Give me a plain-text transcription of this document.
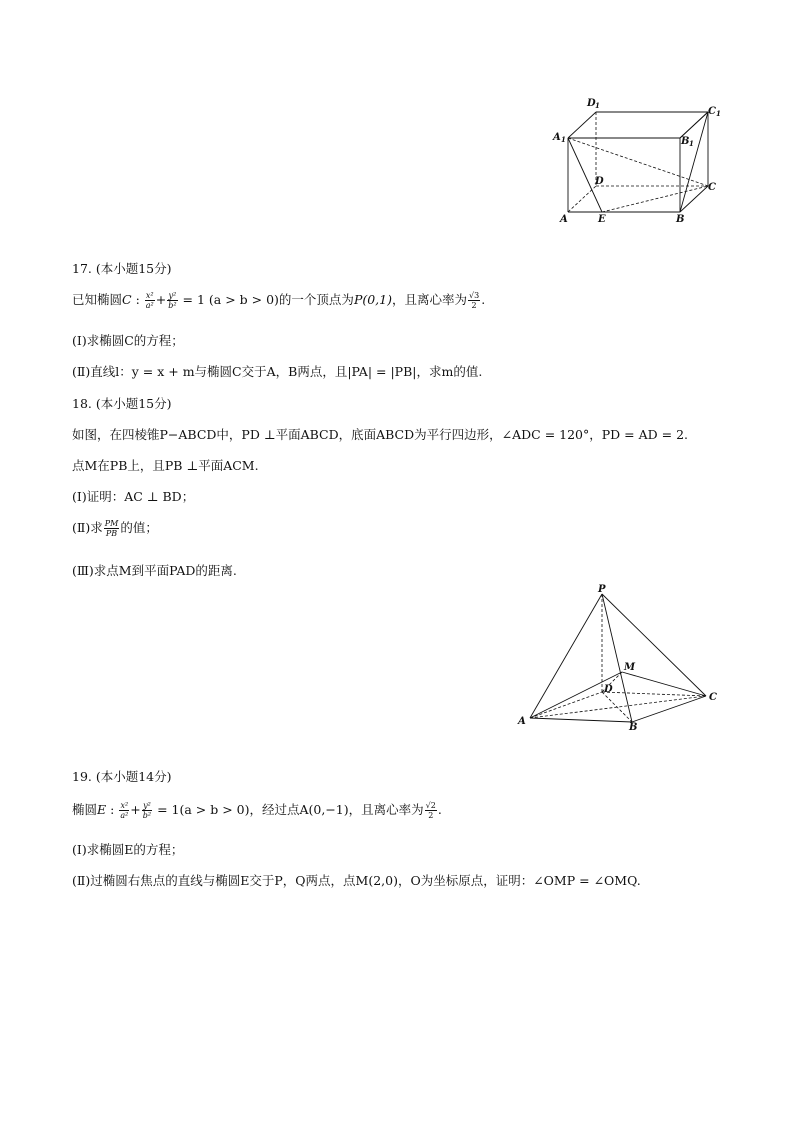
D 1
C 1
A 1	B 1
D
C
A	E	B
17. (本小题15分)
已知椭圆C : $\frac{\text{x²}}{\text{a²}} + \frac{\text{y²}}{\text{b²}} = 1$ (a > b > 0)的一个顶点为P(0,1)，且离心率为 $\frac{√3}{2}$ .
(Ⅰ)求椭圆C的方程；
(Ⅱ)直线l：y = x + m与椭圆C交于A，B两点，且|PA| = |PB|，求m的值.
18. (本小题15分)
如图，在四棱锥P−ABCD中，PD ⊥平面ABCD，底面ABCD为平行四边形，∠ADC = 120°，PD = AD = 2.
点M在PB上，且PB ⊥平面ACM.
(Ⅰ)证明：AC ⊥ BD；
(Ⅱ)求 $\frac{PM}{PB}$ 的值；
(Ⅲ)求点M到平面PAD的距离.
P
M
D
C
A
B
19. (本小题14分)
椭圆E : $\frac{\text{x²}}{\text{a²}} + \frac{\text{y²}}{\text{b²}} = 1(a > b > 0)$，经过点A(0,−1)，且离心率为 $\frac{√2}{2}$ .
(Ⅰ)求椭圆E的方程；
(Ⅱ)过椭圆右焦点的直线与椭圆E交于P，Q两点，点M(2,0)，O为坐标原点，证明：∠OMP = ∠OMQ.
